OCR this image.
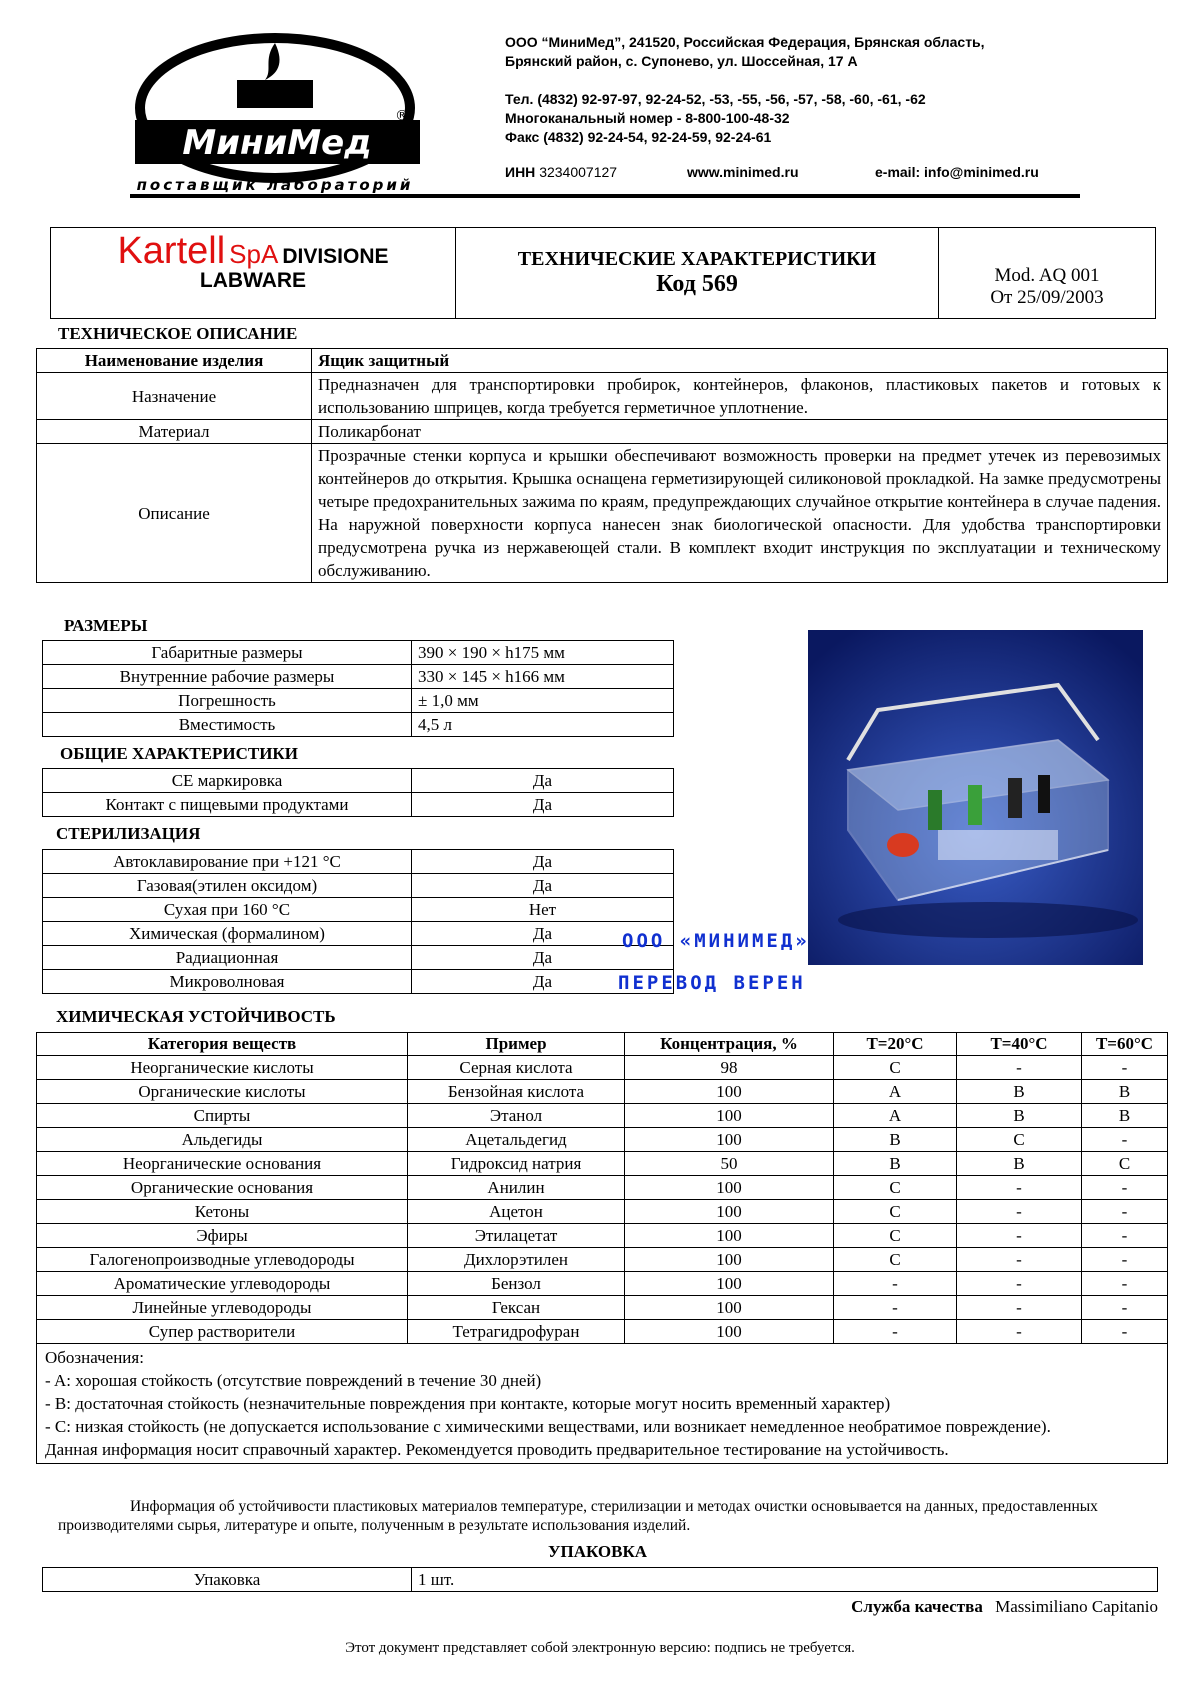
МиниМед
®
поставщик лабораторий
ООО “МиниМед”, 241520, Российская Федерация, Брянская область,
Брянский район, с. Супонево, ул. Шоссейная, 17 А
Тел. (4832) 92-97-97, 92-24-52, -53, -55, -56, -57, -58, -60, -61, -62
Многоканальный номер - 8-800-100-48-32
Факс (4832) 92-24-54, 92-24-59, 92-24-61
ИНН 3234007127	www.minimed.ru	e-mail: info@minimed.ru
Kartell SpA DIVISIONE
LABWARE

ТЕХНИЧЕСКИЕ ХАРАКТЕРИСТИКИ
Код 569	Mod. AQ 001
От 25/09/2003
ТЕХНИЧЕСКОЕ ОПИСАНИЕ
Наименование изделия	Ящик защитный
Назначение	Предназначен для транспортировки пробирок, контейнеров, флаконов, пластиковых пакетов и готовых к использованию шприцев, когда требуется герметичное уплотнение.
Материал	Поликарбонат
Описание	Прозрачные стенки корпуса и крышки обеспечивают возможность проверки на предмет утечек из перевозимых контейнеров до открытия. Крышка оснащена герметизирующей силиконовой прокладкой. На замке предусмотрены четыре предохранительных зажима по краям, предупреждающих случайное открытие контейнера в случае падения. На наружной поверхности корпуса нанесен знак биологической опасности. Для удобства транспортировки предусмотрена ручка из нержавеющей стали. В комплект входит инструкция по эксплуатации и техническому обслуживанию.
РАЗМЕРЫ
Габаритные размеры	390 × 190 × h175 мм
Внутренние рабочие размеры	330 × 145 × h166 мм
Погрешность	± 1,0 мм
Вместимость	4,5 л
ОБЩИЕ ХАРАКТЕРИСТИКИ
СЕ маркировка	Да
Контакт с пищевыми продуктами	Да
СТЕРИЛИЗАЦИЯ
Автоклавирование при +121 °С	Да
Газовая(этилен оксидом)	Да
Сухая при 160 °С	Нет
Химическая (формалином)	Да
Радиационная	Да
Микроволновая	Да
ООО «МИНИМЕД»
ПЕРЕВОД ВЕРЕН
ХИМИЧЕСКАЯ УСТОЙЧИВОСТЬ
Категория веществ	Пример	Концентрация, %	T=20°C	T=40°C	T=60°C
Неорганические кислоты	Серная кислота	98	C	-	-
Органические кислоты	Бензойная кислота	100	A	B	B
Спирты	Этанол	100	A	B	B
Альдегиды	Ацетальдегид	100	B	C	-
Неорганические основания	Гидроксид натрия	50	B	B	C
Органические основания	Анилин	100	C	-	-
Кетоны	Ацетон	100	C	-	-
Эфиры	Этилацетат	100	C	-	-
Галогенопроизводные углеводороды	Дихлорэтилен	100	C	-	-
Ароматические углеводороды	Бензол	100	-	-	-
Линейные углеводороды	Гексан	100	-	-	-
Супер растворители	Тетрагидрофуран	100	-	-	-

Обозначения:
- A: хорошая стойкость (отсутствие повреждений в течение 30 дней)
- B: достаточная стойкость (незначительные повреждения при контакте, которые могут носить временный характер)
- C: низкая стойкость (не допускается использование с химическими веществами, или возникает немедленное необратимое повреждение).
Данная информация носит справочный характер. Рекомендуется проводить предварительное тестирование на устойчивость.					
Информация об устойчивости пластиковых материалов температуре, стерилизации и методах очистки основывается на данных, предоставленных производителями сырья, литературе и опыте, полученным в результате использования изделий.
УПАКОВКА
Упаковка	1 шт.
Служба качества Massimiliano Capitanio
Этот документ представляет собой электронную версию: подпись не требуется.
